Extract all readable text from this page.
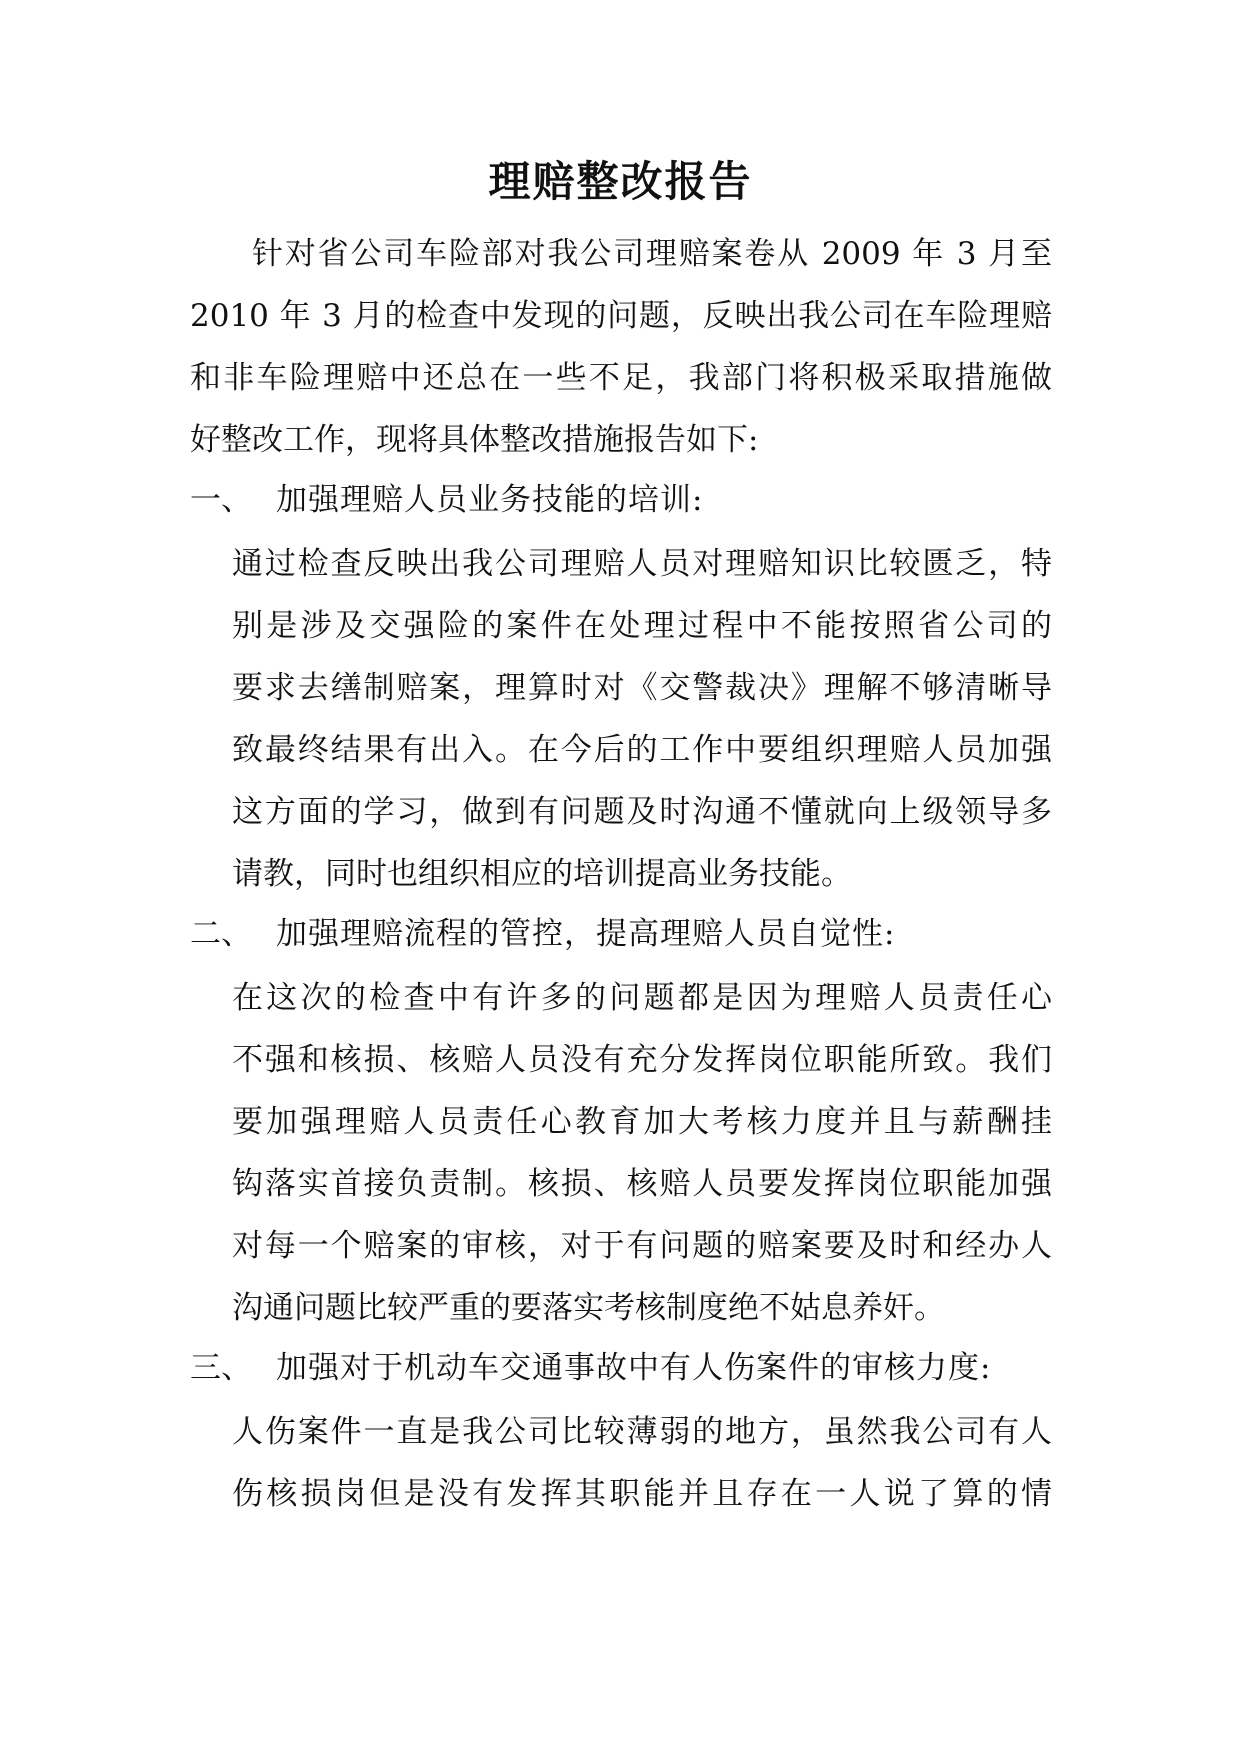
理赔整改报告
针对省公司车险部对我公司理赔案卷从 2009 年 3 月至
2010 年 3 月的检查中发现的问题，反映出我公司在车险理赔
和非车险理赔中还总在一些不足，我部门将积极采取措施做
好整改工作，现将具体整改措施报告如下:
一、 加强理赔人员业务技能的培训:
通过检查反映出我公司理赔人员对理赔知识比较匮乏，特
别是涉及交强险的案件在处理过程中不能按照省公司的
要求去缮制赔案，理算时对《交警裁决》理解不够清晰导
致最终结果有出入。在今后的工作中要组织理赔人员加强
这方面的学习，做到有问题及时沟通不懂就向上级领导多
请教，同时也组织相应的培训提高业务技能。
二、 加强理赔流程的管控，提高理赔人员自觉性:
在这次的检查中有许多的问题都是因为理赔人员责任心
不强和核损、核赔人员没有充分发挥岗位职能所致。我们
要加强理赔人员责任心教育加大考核力度并且与薪酬挂
钩落实首接负责制。核损、核赔人员要发挥岗位职能加强
对每一个赔案的审核，对于有问题的赔案要及时和经办人
沟通问题比较严重的要落实考核制度绝不姑息养奸。
三、 加强对于机动车交通事故中有人伤案件的审核力度:
人伤案件一直是我公司比较薄弱的地方，虽然我公司有人
伤核损岗但是没有发挥其职能并且存在一人说了算的情
